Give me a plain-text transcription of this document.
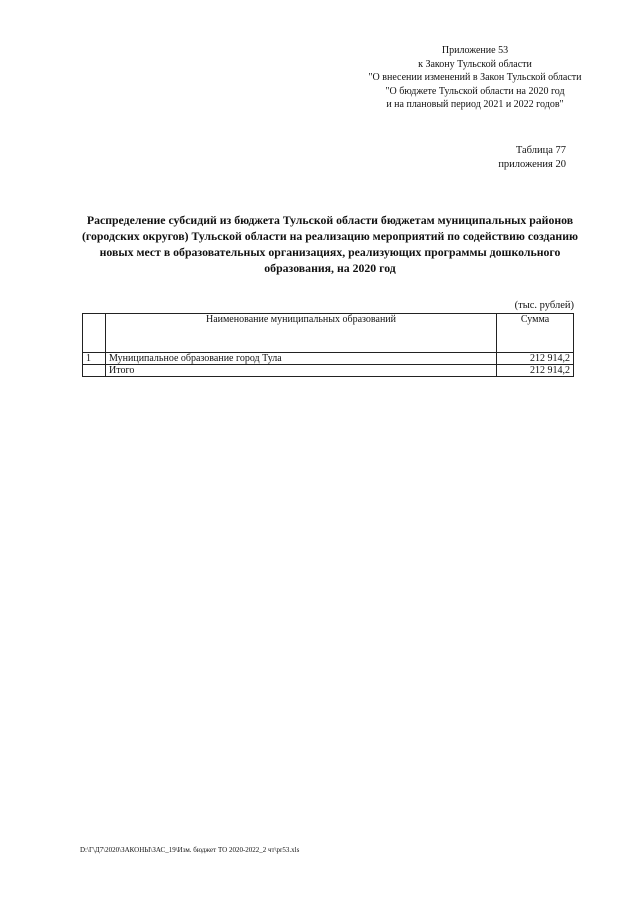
Приложение 53
к Закону Тульской области
"О внесении изменений в Закон Тульской области
"О бюджете Тульской области на 2020 год
и на плановый период 2021 и 2022 годов"
Таблица 77
приложения 20
Распределение субсидий из бюджета Тульской области бюджетам муниципальных районов (городских округов) Тульской области на реализацию мероприятий по содействию созданию новых мест в образовательных организациях, реализующих программы дошкольного образования, на 2020 год
(тыс. рублей)
	Наименование муниципальных образований	Сумма
1	Муниципальное образование город Тула	212 914,2
	Итого	212 914,2
D:\Г\Д7\2020\ЗАКОНЫ\ЗАС_19\Изм. бюджет ТО 2020-2022_2 чт\pr53.xls
